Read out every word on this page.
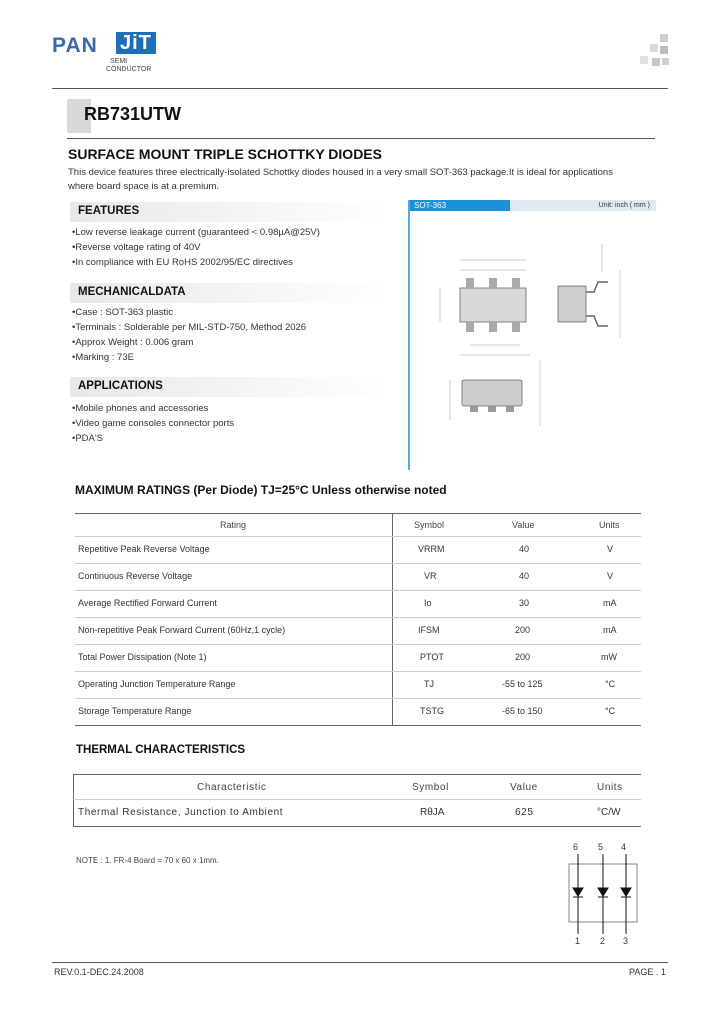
PAN JiT
SEMI
CONDUCTOR
RB731UTW
SURFACE MOUNT TRIPLE SCHOTTKY DIODES
This device features three electrically-isolated Schottky diodes housed in a very small SOT-363 package.It is ideal for applications where board space is at a premium.
FEATURES
• Low reverse leakage current (guaranteed < 0.98µA@25V)
• Reverse voltage rating of 40V
• In compliance with EU RoHS 2002/95/EC directives
MECHANICALDATA
• Case : SOT-363 plastic
• Terminals : Solderable per MIL-STD-750, Method 2026
• Approx Weight : 0.006 gram
• Marking : 73E
APPLICATIONS
• Mobile phones and accessories
• Video game consoles connector ports
• PDA'S
SOT-363	Unit: inch ( mm )
MAXIMUM RATINGS (Per Diode) TJ=25°C Unless otherwise noted
Rating	Symbol	Value	Units
Repetitive Peak Reverse Voltage	VRRM	40	V
Continuous Reverse Voltage	VR	40	V
Average Rectified Forward Current	Io	30	mA
Non-repetitive Peak Forward Current (60Hz,1 cycle)	IFSM	200	mA
Total Power Dissipation (Note 1)	PTOT	200	mW
Operating Junction Temperature Range	TJ	-55 to 125	°C
Storage Temperature Range	TSTG	-65 to 150	°C
THERMAL CHARACTERISTICS
Characteristic	Symbol	Value	Units
Thermal Resistance, Junction to Ambient	RθJA	625	°C/W
NOTE : 1. FR-4 Board = 70 x 60 x 1mm.
6 5 4
1 2 3
REV.0.1-DEC.24.2008	PAGE . 1
